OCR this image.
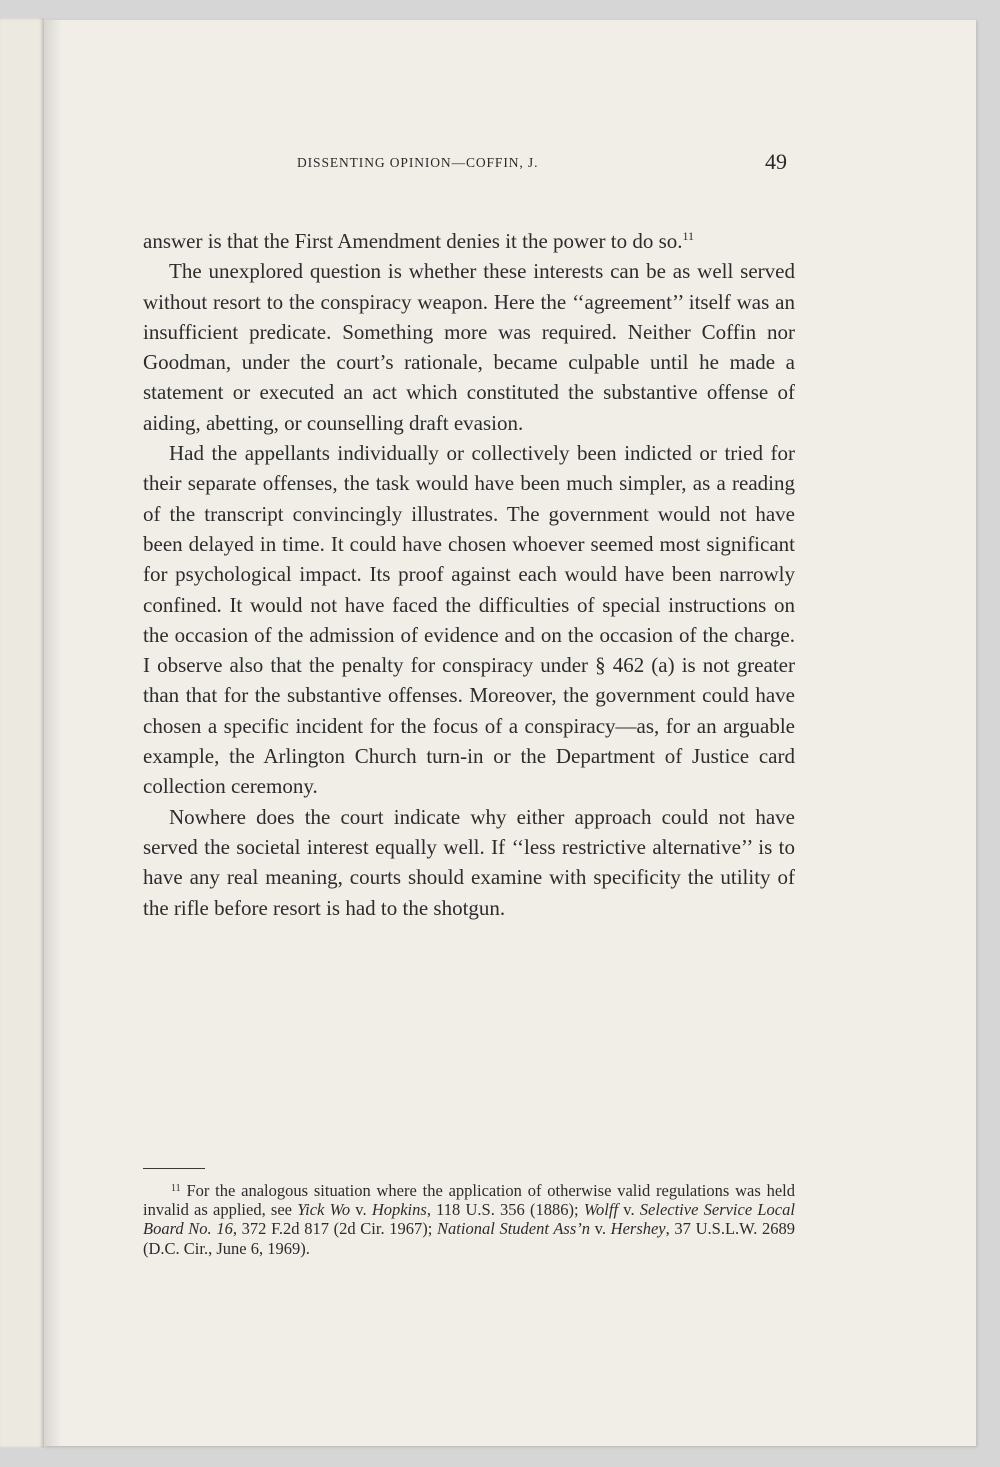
DISSENTING OPINION—COFFIN, J.	49

answer is that the First Amendment denies it the power to do so.$^{11}$

The unexplored question is whether these interests can be as well served without resort to the conspiracy weapon. Here the ‘‘agreement’’ itself was an insufficient predicate. Something more was required. Neither Coffin nor Goodman, under the court’s rationale, became culpable until he made a statement or executed an act which constituted the substantive offense of aiding, abetting, or counselling draft evasion.

Had the appellants individually or collectively been indicted or tried for their separate offenses, the task would have been much simpler, as a reading of the transcript convincingly illustrates. The government would not have been delayed in time. It could have chosen whoever seemed most significant for psychological impact. Its proof against each would have been narrowly confined. It would not have faced the difficulties of special instructions on the occasion of the admission of evidence and on the occasion of the charge. I observe also that the penalty for conspiracy under § 462 (a) is not greater than that for the substantive offenses. Moreover, the government could have chosen a specific incident for the focus of a conspiracy—as, for an arguable example, the Arlington Church turn-in or the Department of Justice card collection ceremony.

Nowhere does the court indicate why either approach could not have served the societal interest equally well. If ‘‘less restrictive alternative’’ is to have any real meaning, courts should examine with specificity the utility of the rifle before resort is had to the shotgun.

$^{11}$ For the analogous situation where the application of otherwise valid regulations was held invalid as applied, see Yick Wo v. Hopkins, 118 U.S. 356 (1886); Wolff v. Selective Service Local Board No. 16, 372 F.2d 817 (2d Cir. 1967); National Student Ass’n v. Hershey, 37 U.S.L.W. 2689 (D.C. Cir., June 6, 1969).
